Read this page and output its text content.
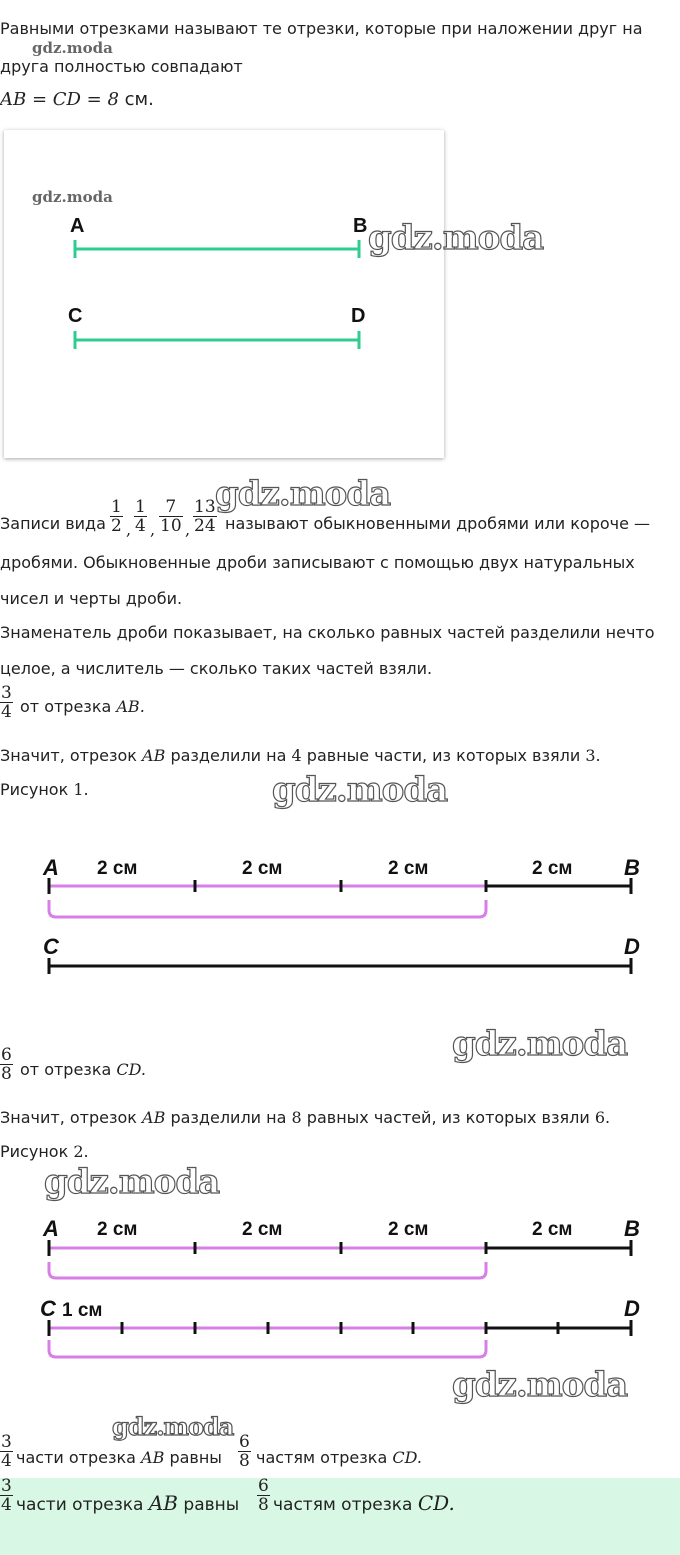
Равными отрезками называют те отрезки, которые при наложении друг на
gdz.moda
друга полностью совпадают
AB = CD = 8 см.
gdz.moda
A	B
C	D
gdz.moda
gdz.moda
Записи вида
1
2 ,
1
4 ,
7
10 ,
13
24 называют обыкновенными дробями или короче —
дробями. Обыкновенные дроби записывают с помощью двух натуральных
чисел и черты дроби.
Знаменатель дроби показывает, на сколько равных частей разделили нечто
целое, а числитель — сколько таких частей взяли.
3
4 от отрезка AB.
Значит, отрезок AB разделили на 4 равные части, из которых взяли 3.
Рисунок 1.	gdz.moda
A 2 см	2 см	2 см	2 см B
C	D
gdz.moda
6
8 от отрезка CD.
Значит, отрезок AB разделили на 8 равных частей, из которых взяли 6.
Рисунок 2.
gdz.moda
A 2 см	2 см	2 см	2 см B
C 1 см	D
gdz.moda
gdz.moda
3
4 части отрезка AB равны
6
8 частям отрезка CD.
3
4 части отрезка AB равны
6
8 частям отрезка CD.
